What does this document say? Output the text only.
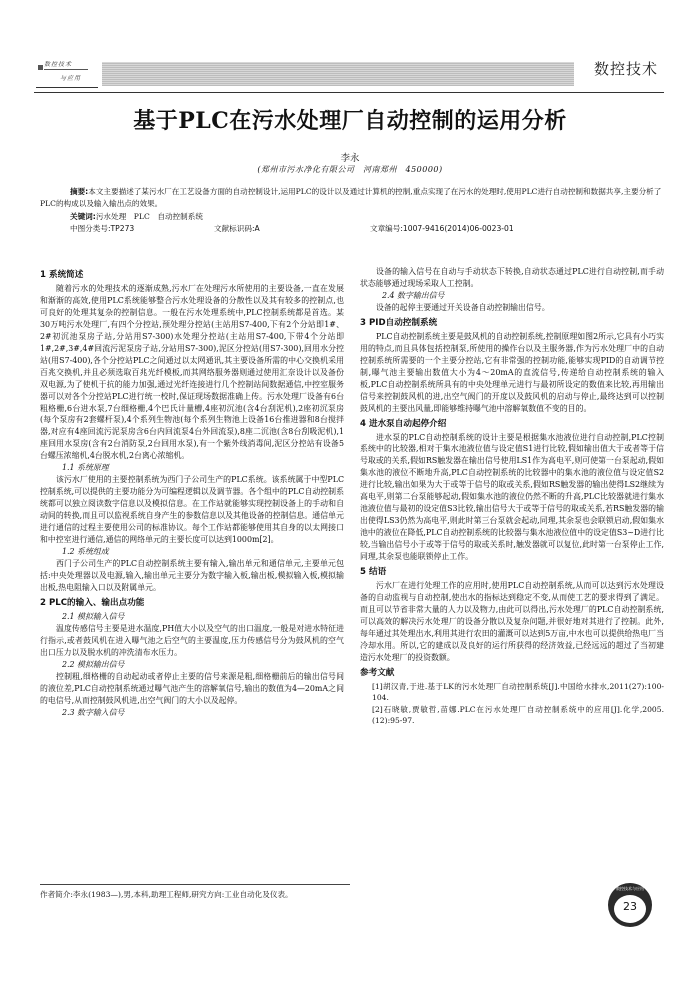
数控技术
与应用
数控技术
基于PLC在污水处理厂自动控制的运用分析
李永
(郑州市污水净化有限公司　河南郑州　450000)
摘要:本文主要描述了某污水厂在工艺设备方面的自动控制设计,运用PLC的设计以及通过计算机的控制,重点实现了在污水的处理时,使用PLC进行自动控制和数据共享,主要分析了PLC的构成以及输入输出点的效果。
关键词:污水处理　PLC　自动控制系统
中图分类号:TP273	文献标识码:A	文章编号:1007-9416(2014)06-0023-01
1 系统简述

随着污水的处理技术的逐渐成熟,污水厂在处理污水所使用的主要设备,一直在发展和渐渐的高效,使用PLC系统能够整合污水处理设备的分散性以及其有较多的控制点,也可良好的处理其复杂的控制信息。一般在污水处理系统中,PLC控制系统都是首选。某30万吨污水处理厂,有四个分控站,预处理分控站(主站用S7-400,下有2个分站即1#、2#初沉池泵房子站,分站用S7-300)水处理分控站(主站用S7-400,下带4个分站即1#,2#,3#,4#回流污泥泵房子站,分站用S7-300),泥区分控站(用S7-300),回用水分控站(用S7-400),各个分控站PLC之间通过以太网通讯,其主要设备所需的中心交换机采用百兆交换机,并且必须选取百兆光纤模板,而其网络服务器则通过使用汇奈设计以及备份双电源,为了使机于抗的能力加强,通过光纤连接进行几个控制站间数据通信,中控室服务器可以对各个分控站PLC进行统一校时,保证现场数据准确上传。污水处理厂设备有6台粗格栅,6台进水泵,7台细格栅,4个巴氏计量槽,4座初沉池(含4台刮泥机),2座初沉泵房(每个泵房有2套螺杆泵),4个系列生物池(每个系列生物池上设备16台推进器和8台搅拌器,对应有4座回流污泥泵房含6台内回流泵4台外回流泵),8座二沉池(含8台刮吸泥机),1座回用水泵房(含有2台消防泵,2台回用水泵),有一个紫外线消毒间,泥区分控站有设备5台螺压浓缩机,4台脱水机,2台离心浓缩机。

1.1 系统原理

该污水厂使用的主要控制系统为西门子公司生产的PLC系统。该系统属于中型PLC控制系统,可以提供的主要功能分为可编程逻辑以及调节器。各个组中的PLC自动控制系统都可以独立阅读数字信息以及模拟信息。在工作站就能够实现控制设备上的手动和自动间的转换,而且可以监视系统自身产生的参数信息以及其他设备的控制信息。通信单元进行通信的过程主要使用公司的标准协议。每个工作站都能够使用其自身的以太网接口和中控室进行通信,通信的网络单元的主要长度可以达到1000m[2]。

1.2 系统组成

西门子公司生产的PLC自动控制系统主要有输入,输出单元和通信单元,主要单元包括:中央处理器以及电源,输入,输出单元主要分为数字输入板,输出板,模拟输入板,模拟输出板,热电阻输入口以及附属单元。

2 PLC的输入、输出点功能
2.1 模拟输入信号

温度传感信号主要是进水温度,PH值大小以及空气的出口温度,一般是对进水特征进行指示,或者鼓风机在进入曝气池之后空气的主要温度,压力传感信号分为鼓风机的空气出口压力以及脱水机的冲洗清布水压力。

2.2 模拟输出信号

控制粗,细格栅的自动起动或者停止主要的信号来源是粗,细格栅前后的输出信号间的液位差,PLC自动控制系统通过曝气池产生的溶解氧信号,输出的数值为4—20mA之间的电信号,从而控制鼓风机进,出空气阀门的大小以及起停。

2.3 数字输入信号

设备的输入信号在自动与手动状态下转换,自动状态通过PLC进行自动控制,而手动状态能够通过现场采取人工控制。

2.4 数字输出信号

设备的起停主要通过开关设备自动控制输出信号。

3 PID自动控制系统

PLC自动控制系统主要是鼓风机的自动控制系统,控制原理如图2所示,它具有小巧实用的特点,而且具体包括控制泵,所使用的操作台以及主服务器,作为污水处理厂中的自动控制系统所需要的一个主要分控站,它有非常强的控制功能,能够实现PID的自动调节控制,曝气池主要输出数值大小为4～20mA的直流信号,传递给自动控制系统的输入板,PLC自动控制系统所具有的中央处理单元进行与最初所设定的数值来比较,再用输出信号来控制鼓风机的进,出空气阀门的开度以及鼓风机的启动与停止,最终达到可以控制鼓风机的主要出风量,即能够维持曝气池中溶解氧数值不变的目的。

4 进水泵自动起停介绍

进水泵的PLC自动控制系统的设计主要是根据集水池液位进行自动控制,PLC控制系统中的比较器,相对于集水池液位值与设定值S1进行比较,假如输出值大于或者等于信号取或的关系,假如RS触发器在输出信号使用LS1作为高电平,则可使第一台泵起动,假如集水池的液位不断地升高,PLC自动控制系统的比较器中的集水池的液位值与设定值S2进行比较,输出如果为大于或等于信号的取或关系,假如RS触发器的输出使得LS2继续为高电平,则第二台泵能够起动,假如集水池的液位仍然不断的升高,PLC比较器就进行集水池液位值与最初的设定值S3比较,输出信号大于或等于信号的取或关系,若RS触发器的输出使得LS3仍然为高电平,则此时第三台泵就会起动,同理,其余泵也会联锁启动,假如集水池中的液位在降低,PLC自动控制系统的比较器与集水池液位值中的设定值S3~D进行比较,当输出信号小于或等于信号的取或关系时,触发器就可以复位,此时第一台泵停止工作,同理,其余泵也能联锁停止工作。

5 结语

污水厂在进行处理工作的应用时,使用PLC自动控制系统,从而可以达到污水处理设备的自动监视与自动控制,使出水的指标达到稳定不变,从而使工艺的要求得到了满足。而且可以节省非常大量的人力以及物力,由此可以得出,污水处理厂的PLC自动控制系统,可以高效的解决污水处理厂的设备分散以及复杂问题,并很好地对其进行了控制。此外,每年通过其处理出水,利用其进行农田的灌溉可以达到5万亩,中水也可以提供给热电厂当冷却水用。所以,它的建成以及良好的运行所获得的经济效益,已经远远的超过了当初建造污水处理厂的投资数额。

参考文献

[1]胡汉青,于进.基于LK的污水处理厂自动控制系统[J].中国给水排水,2011(27):100-104.

[2]石晓敏,贾敏哲,苗娜.PLC在污水处理厂自动控制系统中的应用[J].化学,2005.(12):95-97.

作者简介:李永(1983—),男,本科,助理工程师,研究方向:工业自动化及仪表。
数控技术与应用
23
